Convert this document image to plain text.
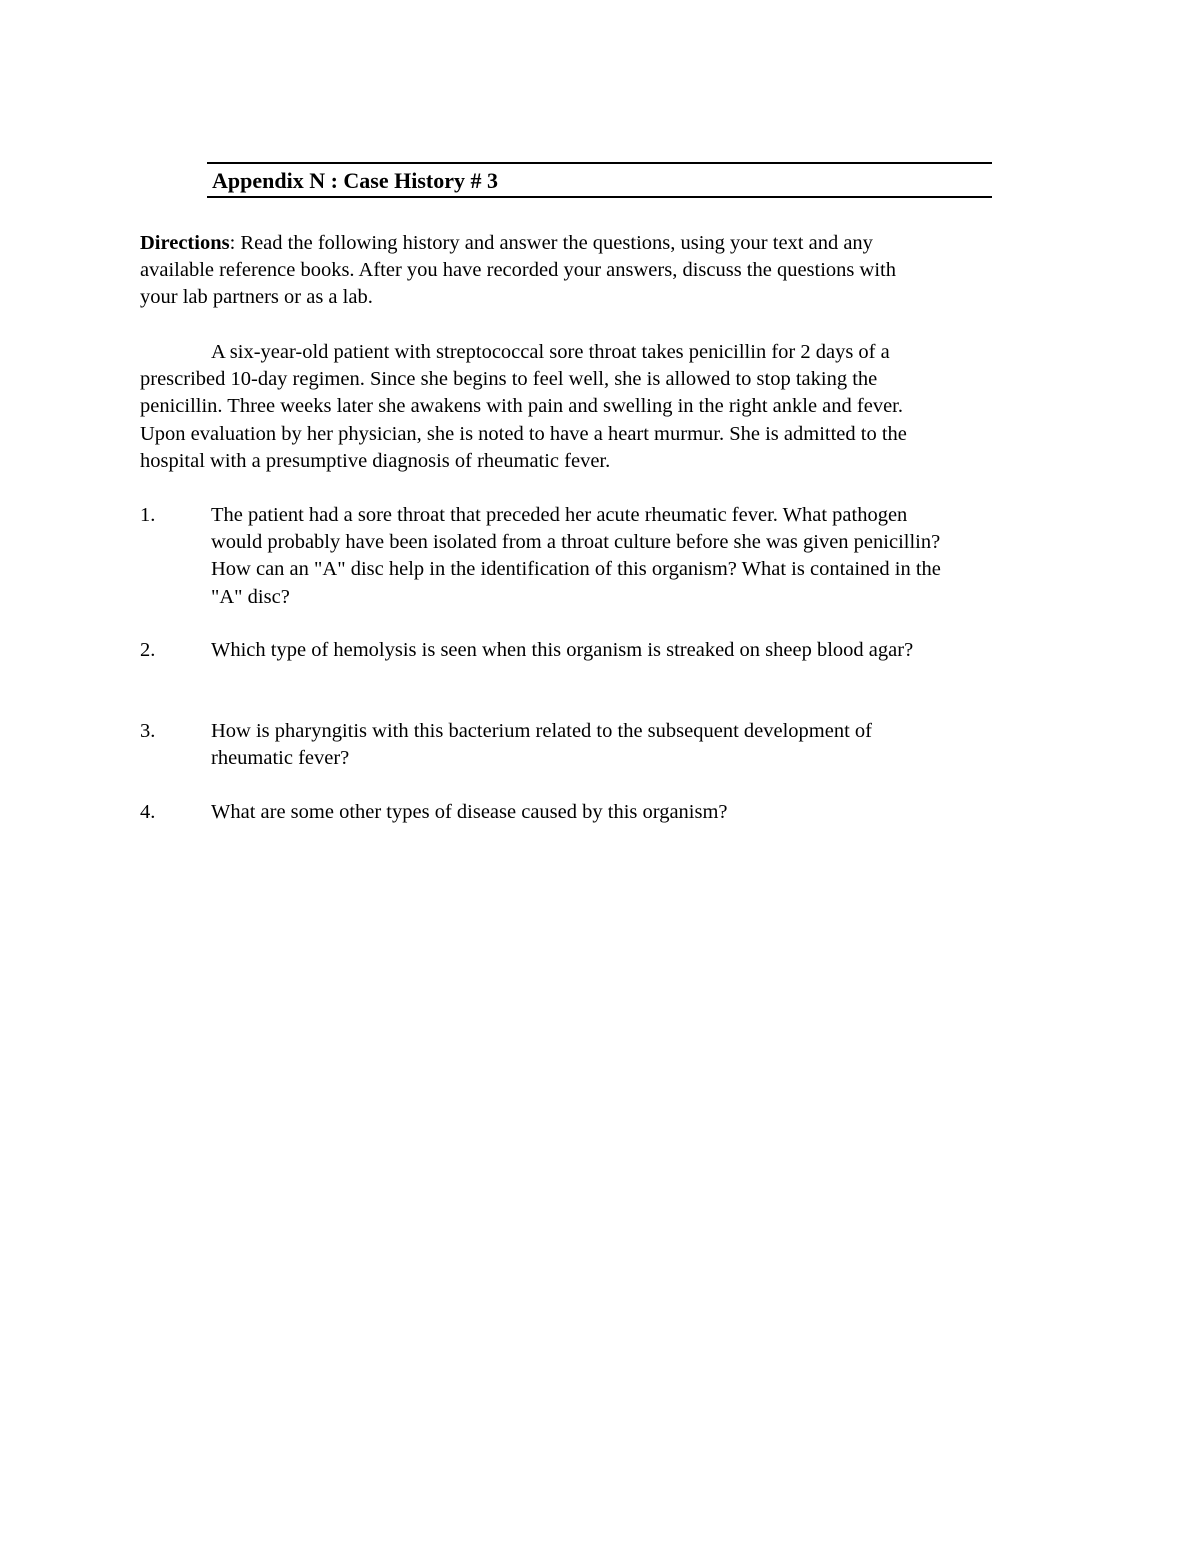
Appendix N : Case History # 3
Directions: Read the following history and answer the questions, using your text and any
available reference books. After you have recorded your answers, discuss the questions with
your lab partners or as a lab.
A six-year-old patient with streptococcal sore throat takes penicillin for 2 days of a
prescribed 10-day regimen. Since she begins to feel well, she is allowed to stop taking the
penicillin. Three weeks later she awakens with pain and swelling in the right ankle and fever.
Upon evaluation by her physician, she is noted to have a heart murmur. She is admitted to the
hospital with a presumptive diagnosis of rheumatic fever.
1.	The patient had a sore throat that preceded her acute rheumatic fever. What pathogen
would probably have been isolated from a throat culture before she was given penicillin?
How can an "A" disc help in the identification of this organism? What is contained in the
"A" disc?
2.	Which type of hemolysis is seen when this organism is streaked on sheep blood agar?
3.	How is pharyngitis with this bacterium related to the subsequent development of
rheumatic fever?
4.	What are some other types of disease caused by this organism?
